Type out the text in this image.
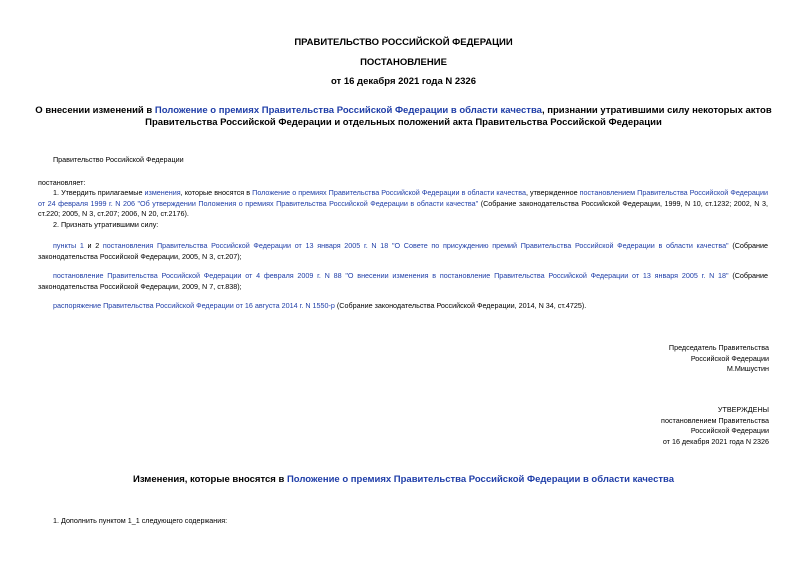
ПРАВИТЕЛЬСТВО РОССИЙСКОЙ ФЕДЕРАЦИИ
ПОСТАНОВЛЕНИЕ
от 16 декабря 2021 года N 2326
О внесении изменений в Положение о премиях Правительства Российской Федерации в области качества, признании утратившими силу некоторых актов
Правительства Российской Федерации и отдельных положений акта Правительства Российской Федерации
Правительство Российской Федерации
постановляет:
1. Утвердить прилагаемые изменения, которые вносятся в Положение о премиях Правительства Российской Федерации в области качества, утвержденное постановлением Правительства Российской Федерации от 24 февраля 1999 г. N 206 "Об утверждении Положения о премиях Правительства Российской Федерации в области качества" (Собрание законодательства Российской Федерации, 1999, N 10, ст.1232; 2002, N 3, ст.220; 2005, N 3, ст.207; 2006, N 20, ст.2176).
2. Признать утратившими силу:
пункты 1 и 2 постановления Правительства Российской Федерации от 13 января 2005 г. N 18 "О Совете по присуждению премий Правительства Российской Федерации в области качества" (Собрание законодательства Российской Федерации, 2005, N 3, ст.207);
постановление Правительства Российской Федерации от 4 февраля 2009 г. N 88 "О внесении изменения в постановление Правительства Российской Федерации от 13 января 2005 г. N 18" (Собрание законодательства Российской Федерации, 2009, N 7, ст.838);
распоряжение Правительства Российской Федерации от 16 августа 2014 г. N 1550-р (Собрание законодательства Российской Федерации, 2014, N 34, ст.4725).
Председатель Правительства
Российской Федерации
М.Мишустин
УТВЕРЖДЕНЫ
постановлением Правительства
Российской Федерации
от 16 декабря 2021 года N 2326
Изменения, которые вносятся в Положение о премиях Правительства Российской Федерации в области качества
1. Дополнить пунктом 1_1 следующего содержания:
